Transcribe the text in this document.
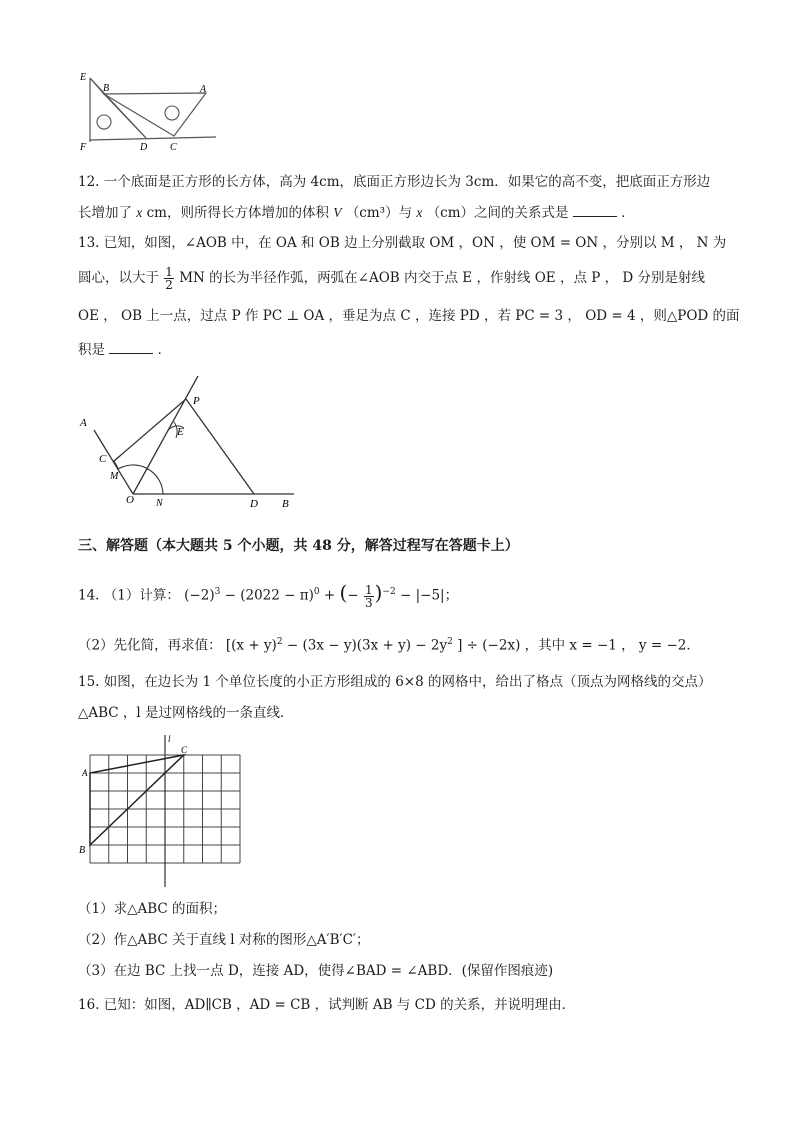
E
B	A
F	D C
12. 一个底面是正方形的长方体，高为 4cm，底面正方形边长为 3cm．如果它的高不变，把底面正方形边
长增加了 x cm，则所得长方体增加的体积 V （cm³）与 x （cm）之间的关系式是	．
13. 已知，如图，∠AOB 中，在 OA 和 OB 边上分别截取 OM ，ON ，使 OM = ON ，分别以 M ， N 为
圆心，以大于 $\frac{1}{2}$ MN 的长为半径作弧，两弧在∠AOB 内交于点 E ，作射线 OE ，点 P ， D 分别是射线
OE ， OB 上一点，过点 P 作 PC ⊥ OA ，垂足为点 C ，连接 PD ，若 PC = 3 ， OD = 4 ，则△POD 的面
积是	．
A
P
E
C
M
O N	D B
三、解答题（本大题共 5 个小题，共 48 分，解答过程写在答题卡上）
14. （1）计算： $(-2)^3 - (2022 - \pi)^0$ + (− $\frac{1}{3} )^{-2} - |-5|$；
（2）先化简，再求值： [$(x + y)^2 - (3x - y)(3x + y) - 2y^2$ ] ÷ (−2x) ，其中 x = −1 ， y = −2．
15. 如图，在边长为 1 个单位长度的小正方形组成的 6×8 的网格中，给出了格点（顶点为网格线的交点）
△ABC ，l 是过网格线的一条直线．
l
A
C
B
（1）求△ABC 的面积；
（2）作△ABC 关于直线 l 对称的图形△A′B′C′；
（3）在边 BC 上找一点 D，连接 AD，使得∠BAD = ∠ABD．(保留作图痕迹)
16. 已知：如图，AD∥CB ，AD = CB ，试判断 AB 与 CD 的关系，并说明理由．
